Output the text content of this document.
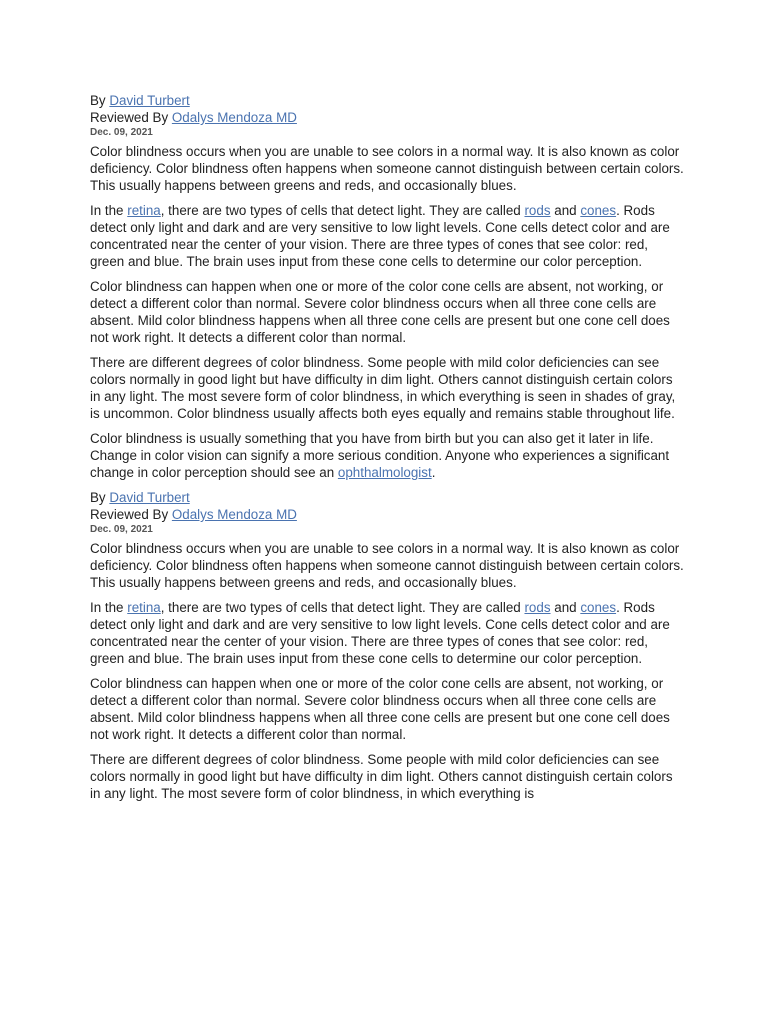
By David Turbert

Reviewed By Odalys Mendoza MD

Dec. 09, 2021

Color blindness occurs when you are unable to see colors in a normal way. It is also known as color deficiency. Color blindness often happens when someone cannot distinguish between certain colors. This usually happens between greens and reds, and occasionally blues.

In the retina, there are two types of cells that detect light. They are called rods and cones. Rods detect only light and dark and are very sensitive to low light levels. Cone cells detect color and are concentrated near the center of your vision. There are three types of cones that see color: red, green and blue. The brain uses input from these cone cells to determine our color perception.

Color blindness can happen when one or more of the color cone cells are absent, not working, or detect a different color than normal. Severe color blindness occurs when all three cone cells are absent. Mild color blindness happens when all three cone cells are present but one cone cell does not work right. It detects a different color than normal.

There are different degrees of color blindness. Some people with mild color deficiencies can see colors normally in good light but have difficulty in dim light. Others cannot distinguish certain colors in any light. The most severe form of color blindness, in which everything is seen in shades of gray, is uncommon. Color blindness usually affects both eyes equally and remains stable throughout life.

Color blindness is usually something that you have from birth but you can also get it later in life. Change in color vision can signify a more serious condition. Anyone who experiences a significant change in color perception should see an ophthalmologist.

By David Turbert

Reviewed By Odalys Mendoza MD

Dec. 09, 2021

Color blindness occurs when you are unable to see colors in a normal way. It is also known as color deficiency. Color blindness often happens when someone cannot distinguish between certain colors. This usually happens between greens and reds, and occasionally blues.

In the retina, there are two types of cells that detect light. They are called rods and cones. Rods detect only light and dark and are very sensitive to low light levels. Cone cells detect color and are concentrated near the center of your vision. There are three types of cones that see color: red, green and blue. The brain uses input from these cone cells to determine our color perception.

Color blindness can happen when one or more of the color cone cells are absent, not working, or detect a different color than normal. Severe color blindness occurs when all three cone cells are absent. Mild color blindness happens when all three cone cells are present but one cone cell does not work right. It detects a different color than normal.

There are different degrees of color blindness. Some people with mild color deficiencies can see colors normally in good light but have difficulty in dim light. Others cannot distinguish certain colors in any light. The most severe form of color blindness, in which everything is
